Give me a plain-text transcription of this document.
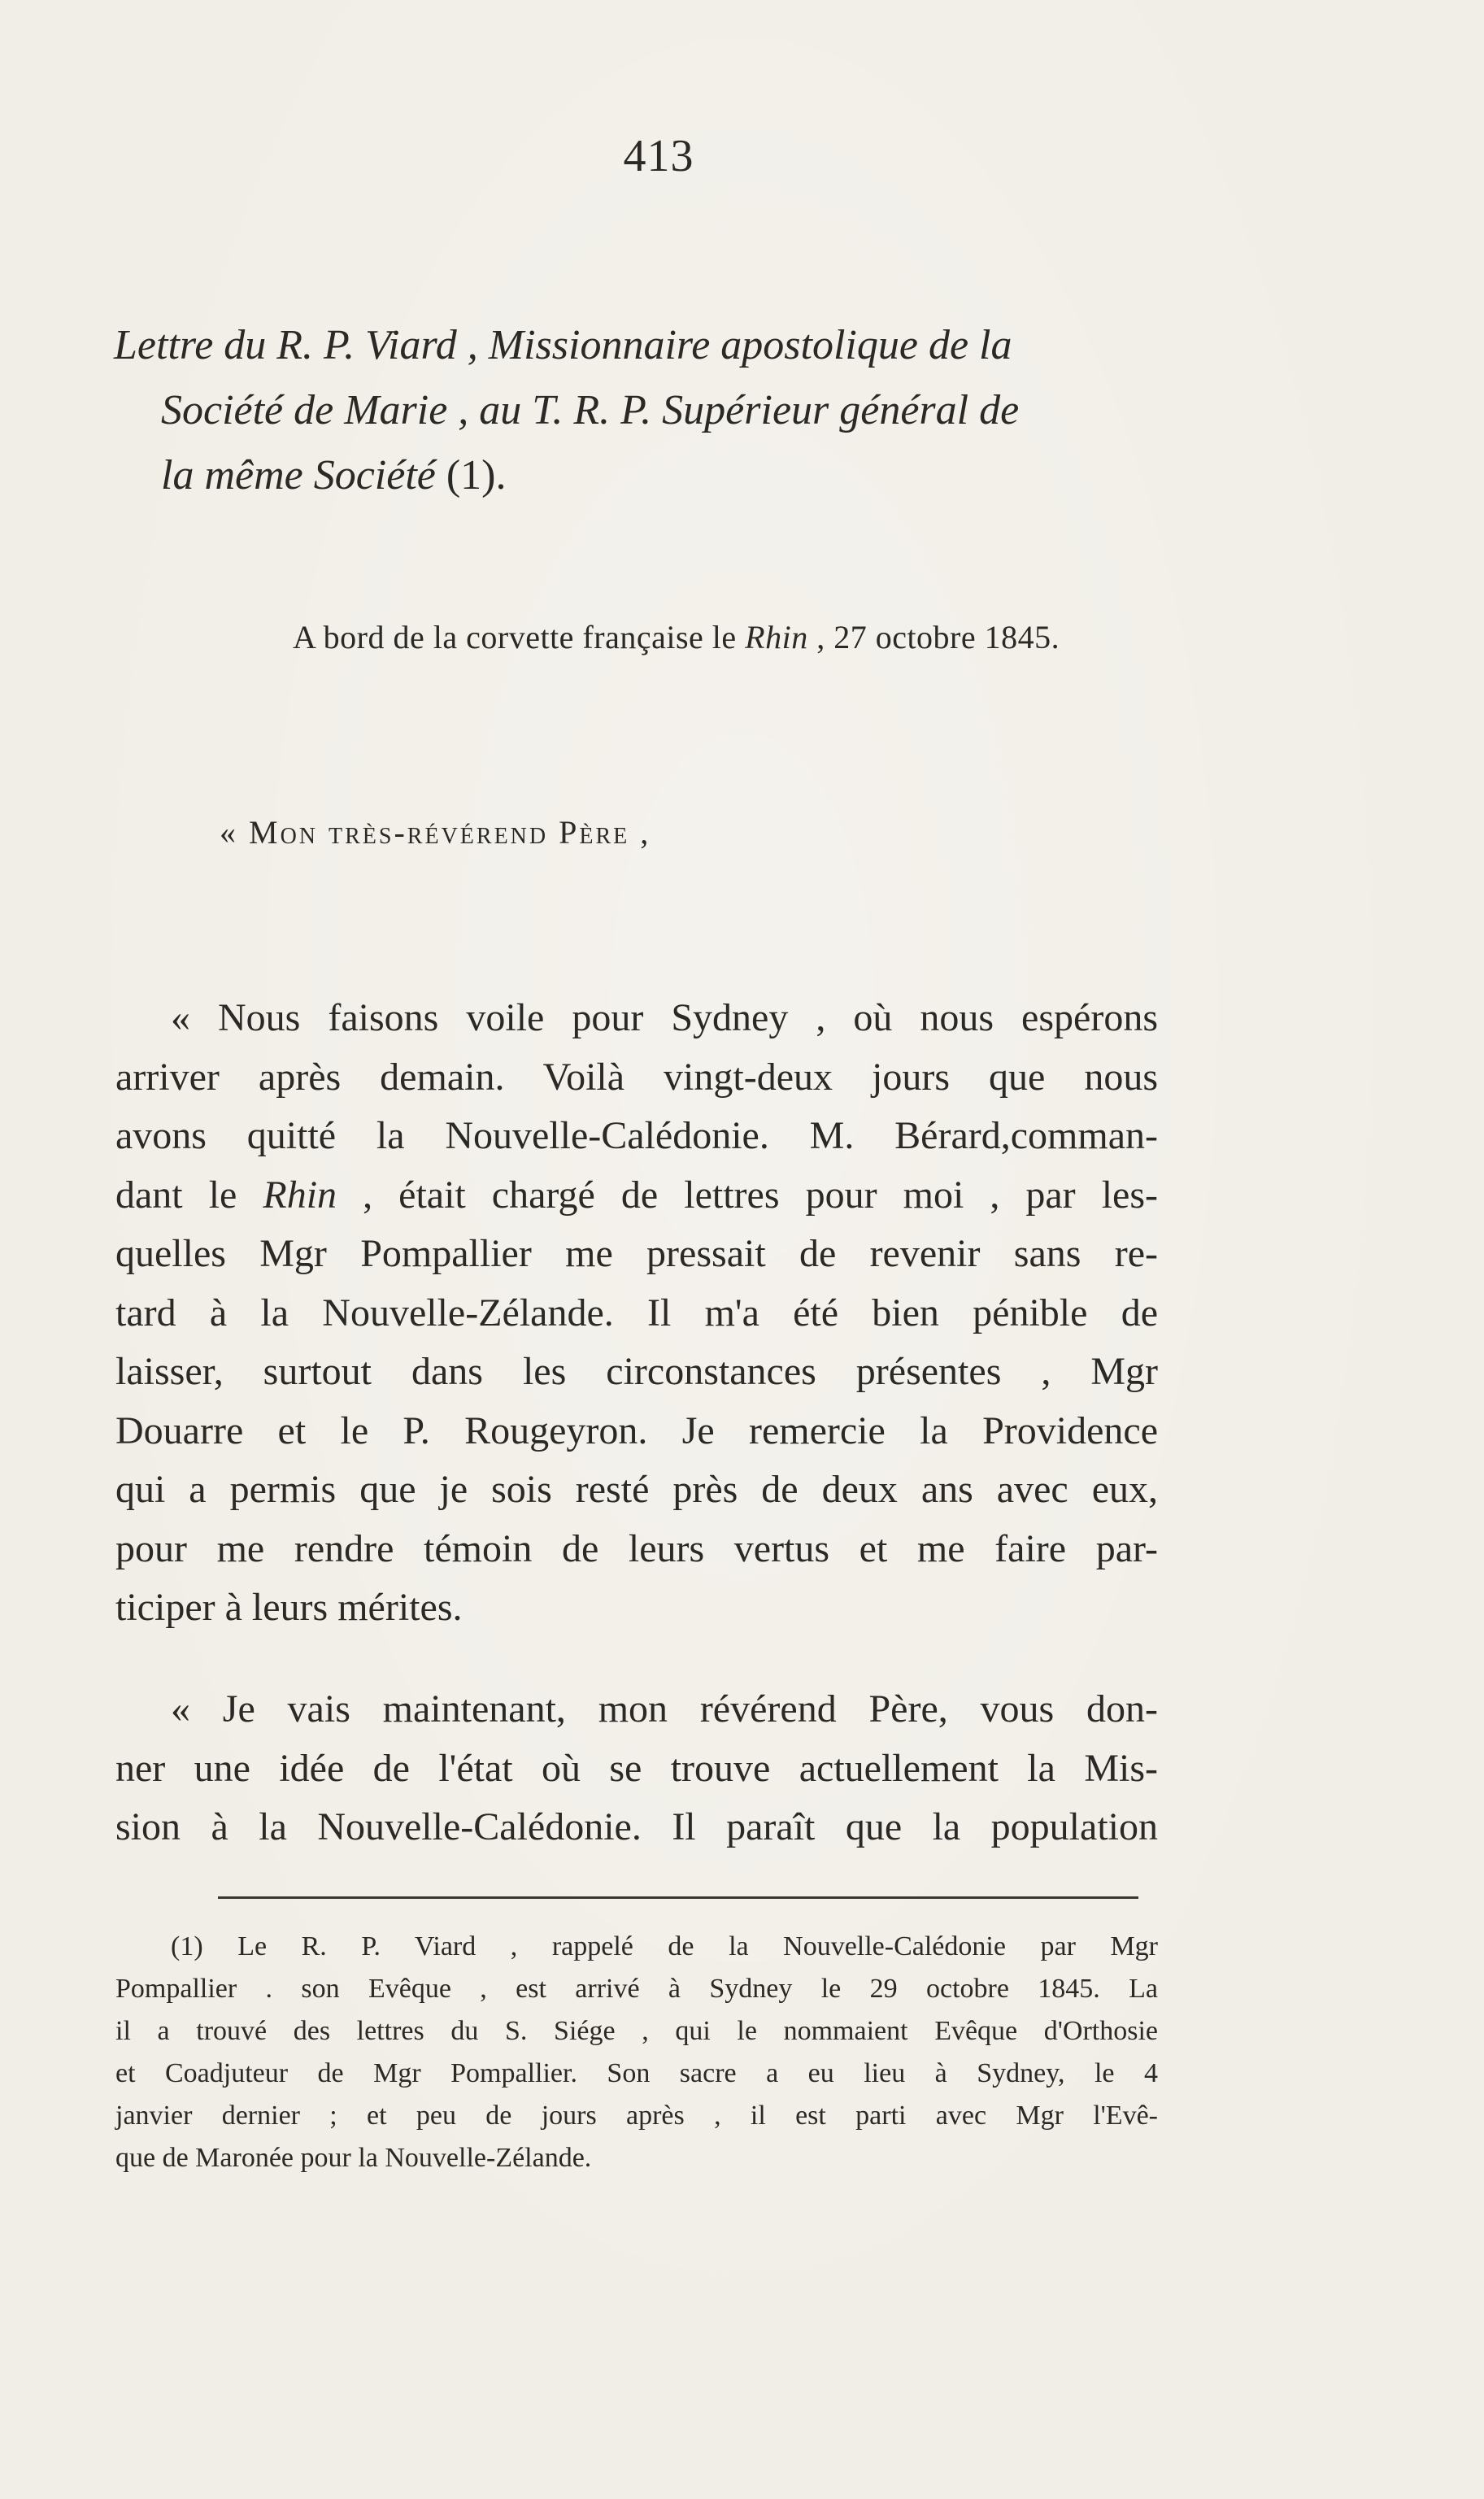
413
Lettre du R. P. Viard , Missionnaire apostolique de la
Société de Marie , au T. R. P. Supérieur général de
la même Société (1).
A bord de la corvette française le Rhin , 27 octobre 1845.
« Mon très-révérend Père ,
« Nous faisons voile pour Sydney , où nous espérons
arriver après demain. Voilà vingt-deux jours que nous
avons quitté la Nouvelle-Calédonie. M. Bérard,comman-
dant le Rhin , était chargé de lettres pour moi , par les-
quelles Mgr Pompallier me pressait de revenir sans re-
tard à la Nouvelle-Zélande. Il m'a été bien pénible de
laisser, surtout dans les circonstances présentes , Mgr
Douarre et le P. Rougeyron. Je remercie la Providence
qui a permis que je sois resté près de deux ans avec eux,
pour me rendre témoin de leurs vertus et me faire par-
ticiper à leurs mérites.
« Je vais maintenant, mon révérend Père, vous don-
ner une idée de l'état où se trouve actuellement la Mis-
sion à la Nouvelle-Calédonie. Il paraît que la population
(1) Le R. P. Viard , rappelé de la Nouvelle-Calédonie par Mgr
Pompallier . son Evêque , est arrivé à Sydney le 29 octobre 1845. La
il a trouvé des lettres du S. Siége , qui le nommaient Evêque d'Orthosie
et Coadjuteur de Mgr Pompallier. Son sacre a eu lieu à Sydney, le 4
janvier dernier ; et peu de jours après , il est parti avec Mgr l'Evê-
que de Maronée pour la Nouvelle-Zélande.
